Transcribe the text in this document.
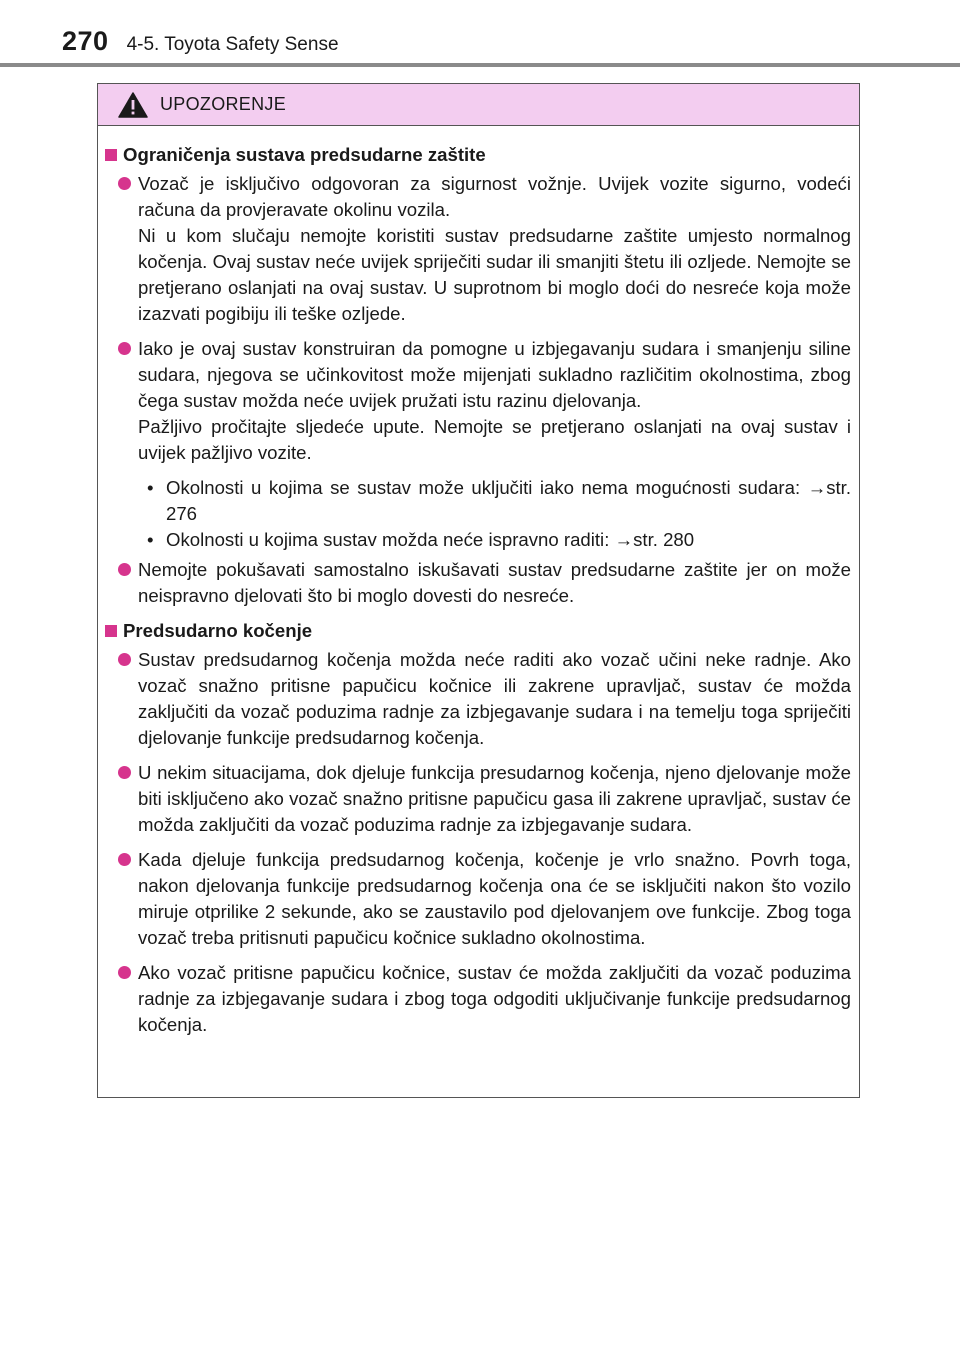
270 4-5. Toyota Safety Sense
UPOZORENJE
Ograničenja sustava predsudarne zaštite
Vozač je isključivo odgovoran za sigurnost vožnje. Uvijek vozite sigurno, vodeći računa da provjeravate okolinu vozila.
Ni u kom slučaju nemojte koristiti sustav predsudarne zaštite umjesto normalnog kočenja. Ovaj sustav neće uvijek spriječiti sudar ili smanjiti štetu ili ozljede. Nemojte se pretjerano oslanjati na ovaj sustav. U suprotnom bi moglo doći do nesreće koja može izazvati pogibiju ili teške ozljede.
Iako je ovaj sustav konstruiran da pomogne u izbjegavanju sudara i smanjenju siline sudara, njegova se učinkovitost može mijenjati sukladno različitim okolnostima, zbog čega sustav možda neće uvijek pružati istu razinu djelovanja.
Pažljivo pročitajte sljedeće upute. Nemojte se pretjerano oslanjati na ovaj sustav i uvijek pažljivo vozite.
• Okolnosti u kojima se sustav može uključiti iako nema mogućnosti sudara: →str. 276
• Okolnosti u kojima sustav možda neće ispravno raditi: →str. 280
Nemojte pokušavati samostalno iskušavati sustav predsudarne zaštite jer on može neispravno djelovati što bi moglo dovesti do nesreće.
Predsudarno kočenje
Sustav predsudarnog kočenja možda neće raditi ako vozač učini neke radnje. Ako vozač snažno pritisne papučicu kočnice ili zakrene upravljač, sustav će možda zaključiti da vozač poduzima radnje za izbjegavanje sudara i na temelju toga spriječiti djelovanje funkcije predsudarnog kočenja.
U nekim situacijama, dok djeluje funkcija presudarnog kočenja, njeno djelovanje može biti isključeno ako vozač snažno pritisne papučicu gasa ili zakrene upravljač, sustav će možda zaključiti da vozač poduzima radnje za izbjegavanje sudara.
Kada djeluje funkcija predsudarnog kočenja, kočenje je vrlo snažno. Povrh toga, nakon djelovanja funkcije predsudarnog kočenja ona će se isključiti nakon što vozilo miruje otprilike 2 sekunde, ako se zaustavilo pod djelovanjem ove funkcije. Zbog toga vozač treba pritisnuti papučicu kočnice sukladno okolnostima.
Ako vozač pritisne papučicu kočnice, sustav će možda zaključiti da vozač poduzima radnje za izbjegavanje sudara i zbog toga odgoditi uključivanje funkcije predsudarnog kočenja.
